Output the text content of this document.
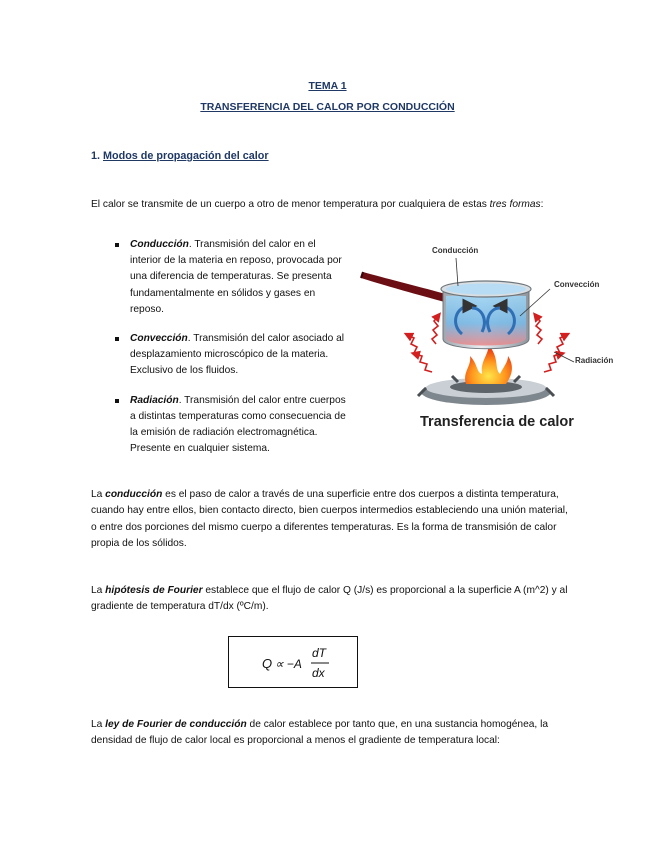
TEMA 1
TRANSFERENCIA DEL CALOR POR CONDUCCIÓN
1. Modos de propagación del calor
El calor se transmite de un cuerpo a otro de menor temperatura por cualquiera de estas tres formas:
Conducción. Transmisión del calor en el interior de la materia en reposo, provocada por una diferencia de temperaturas. Se presenta fundamentalmente en sólidos y gases en reposo.
Convección. Transmisión del calor asociado al desplazamiento microscópico de la materia. Exclusivo de los fluidos.
Radiación. Transmisión del calor entre cuerpos a distintas temperaturas como consecuencia de la emisión de radiación electromagnética. Presente en cualquier sistema.
Conducción
Convección
Radiación
Transferencia de calor
La conducción es el paso de calor a través de una superficie entre dos cuerpos a distinta temperatura, cuando hay entre ellos, bien contacto directo, bien cuerpos intermedios estableciendo una unión material, o entre dos porciones del mismo cuerpo a diferentes temperaturas. Es la forma de transmisión de calor propia de los sólidos.
La hipótesis de Fourier establece que el flujo de calor Q (J/s) es proporcional a la superficie A (m^2) y al gradiente de temperatura dT/dx (ºC/m).
Q ∝ −A
dT
dx
La ley de Fourier de conducción de calor establece por tanto que, en una sustancia homogénea, la densidad de flujo de calor local es proporcional a menos el gradiente de temperatura local:
